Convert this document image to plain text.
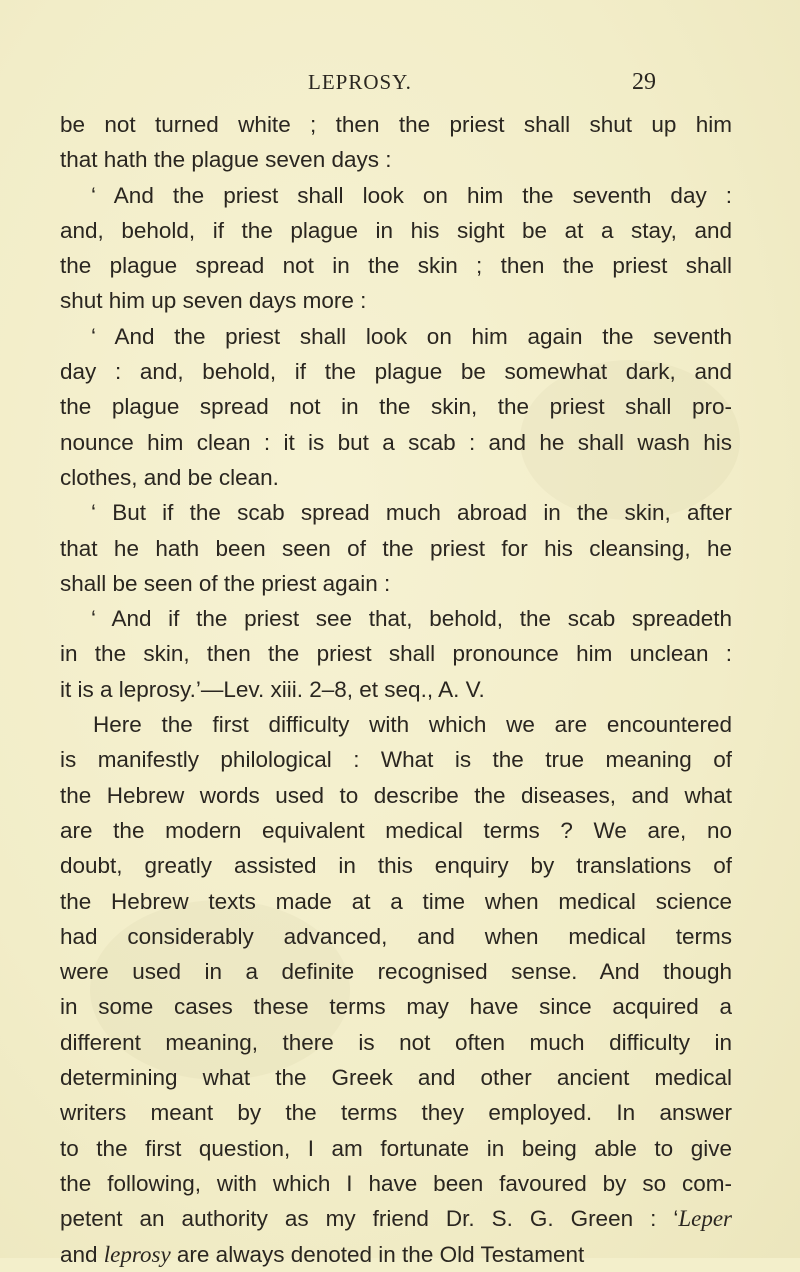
LEPROSY.	29
be not turned white ; then the priest shall shut up him
that hath the plague seven days :
‘ And the priest shall look on him the seventh day :
and, behold, if the plague in his sight be at a stay, and
the plague spread not in the skin ; then the priest shall
shut him up seven days more :
‘ And the priest shall look on him again the seventh
day : and, behold, if the plague be somewhat dark, and
the plague spread not in the skin, the priest shall pro-
nounce him clean : it is but a scab : and he shall wash his
clothes, and be clean.
‘ But if the scab spread much abroad in the skin, after
that he hath been seen of the priest for his cleansing, he
shall be seen of the priest again :
‘ And if the priest see that, behold, the scab spreadeth
in the skin, then the priest shall pronounce him unclean :
it is a leprosy.’—Lev. xiii. 2–8, et seq., A. V.
Here the first difficulty with which we are encountered
is manifestly philological : What is the true meaning of
the Hebrew words used to describe the diseases, and what
are the modern equivalent medical terms ? We are, no
doubt, greatly assisted in this enquiry by translations of
the Hebrew texts made at a time when medical science
had considerably advanced, and when medical terms
were used in a definite recognised sense. And though
in some cases these terms may have since acquired a
different meaning, there is not often much difficulty in
determining what the Greek and other ancient medical
writers meant by the terms they employed. In answer
to the first question, I am fortunate in being able to give
the following, with which I have been favoured by so com-
petent an authority as my friend Dr. S. G. Green : ‘Leper
and leprosy are always denoted in the Old Testament
